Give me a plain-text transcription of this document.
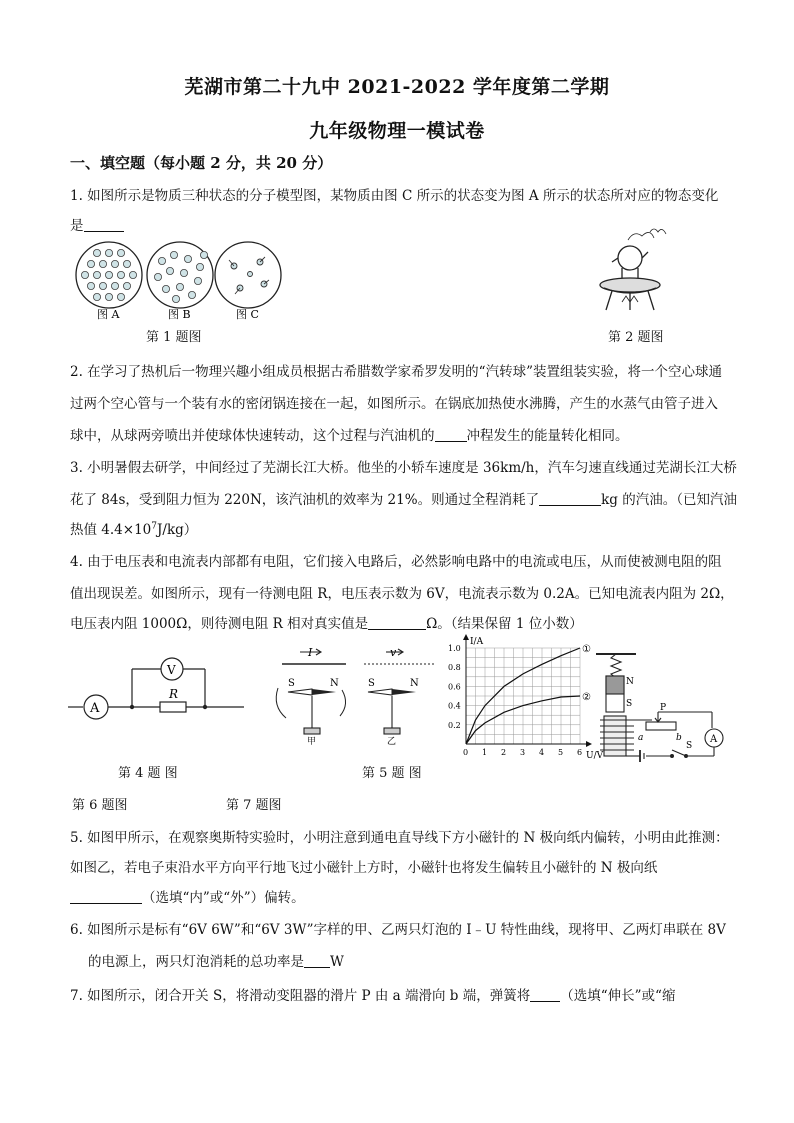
芜湖市第二十九中 2021-2022 学年度第二学期
九年级物理一模试卷
一、填空题（每小题 2 分，共 20 分）
1. 如图所示是物质三种状态的分子模型图，某物质由图 C 所示的状态变为图 A 所示的状态所对应的物态变化
是
图 A	图 B	图 C
第 1 题图	第 2 题图
2. 在学习了热机后一物理兴趣小组成员根据古希腊数学家希罗发明的“汽转球”装置组装实验，将一个空心球通
过两个空心管与一个装有水的密闭锅连接在一起，如图所示。在锅底加热使水沸腾，产生的水蒸气由管子进入
球中，从球两旁喷出并使球体快速转动，这个过程与汽油机的 冲程发生的能量转化相同。
3. 小明暑假去研学，中间经过了芜湖长江大桥。他坐的小轿车速度是 36km/h，汽车匀速直线通过芜湖长江大桥
花了 84s，受到阻力恒为 220N，该汽油机的效率为 21%。则通过全程消耗了	kg 的汽油。（已知汽油
热值 $4.4\times 10^7J/kg$）
4. 由于电压表和电流表内部都有电阻，它们接入电路后，必然影响电路中的电流或电压，从而使被测电阻的阻
值出现误差。如图所示，现有一待测电阻 R，电压表示数为 6V，电流表示数为 0.2A。已知电流表内阻为 2Ω，
电压表内阻 1000Ω，则待测电阻 R 相对真实值是	Ω。（结果保留 1 位小数）
A
V
R
I	v
S	N	S	N
甲	乙
0 1 2 3 4 5 6
0.2
0.4
0.6
0.8
1.0
I/A
U/V
①
②
N
S	P
a	b
S
A
第 4 题 图	第 5 题 图
第 6 题图	第 7 题图
5. 如图甲所示，在观察奥斯特实验时，小明注意到通电直导线下方小磁针的 N 极向纸内偏转，小明由此推测：
如图乙，若电子束沿水平方向平行地飞过小磁针上方时，小磁针也将发生偏转且小磁针的 N 极向纸
（选填“内”或“外”）偏转。
6. 如图所示是标有“6V 6W”和“6V 3W”字样的甲、乙两只灯泡的 I﹣U 特性曲线，现将甲、乙两灯串联在 8V
的电源上，两只灯泡消耗的总功率是 W
7. 如图所示，闭合开关 S，将滑动变阻器的滑片 P 由 a 端滑向 b 端，弹簧将 （选填“伸长”或“缩
